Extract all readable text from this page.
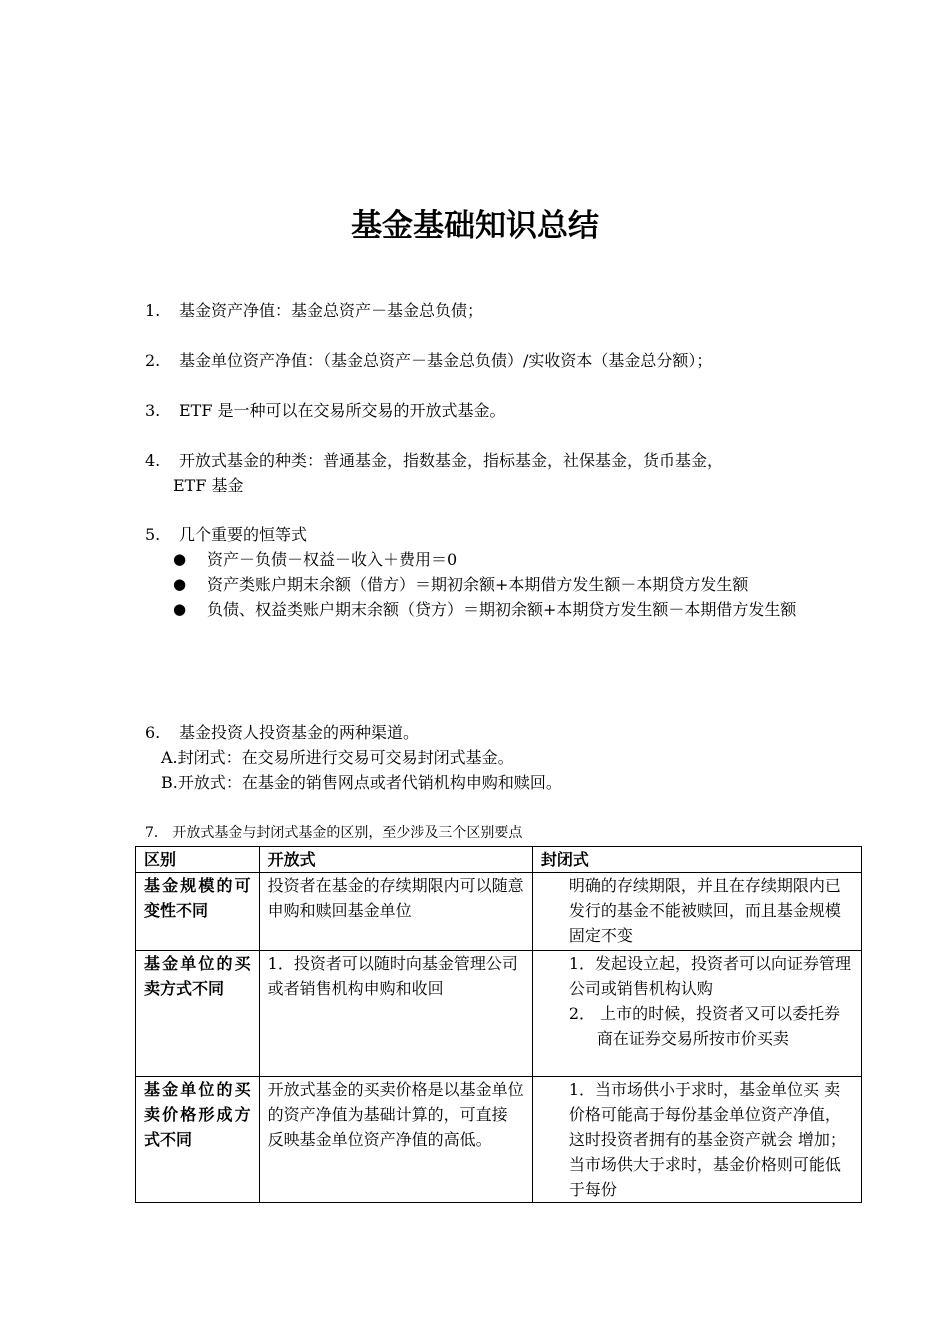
基金基础知识总结
1. 基金资产净值：基金总资产－基金总负债；
2. 基金单位资产净值：（基金总资产－基金总负债）/实收资本（基金总分额）；
3. ETF 是一种可以在交易所交易的开放式基金。
4. 开放式基金的种类：普通基金，指数基金，指标基金，社保基金，货币基金，
ETF 基金
5. 几个重要的恒等式
● 资产－负债－权益－收入＋费用＝0
● 资产类账户期末余额（借方）＝期初余额+本期借方发生额－本期贷方发生额
● 负债、权益类账户期末余额（贷方）＝期初余额+本期贷方发生额－本期借方发生额
6. 基金投资人投资基金的两种渠道。
A.封闭式：在交易所进行交易可交易封闭式基金。
B.开放式：在基金的销售网点或者代销机构申购和赎回。
7． 开放式基金与封闭式基金的区别，至少涉及三个区别要点
区别	开放式	封闭式
基金规模的可变性不同	投资者在基金的存续期限内可以随意申购和赎回基金单位	明确的存续期限，并且在存续期限内已发行的基金不能被赎回，而且基金规模固定不变

基金单位的买卖方式不同	1．投资者可以随时向基金管理公司或者销售机构申购和收回	1．发起设立起，投资者可以向证券管理公司或销售机构认购
2． 上市的时候，投资者又可以委托券商在证券交易所按市价买卖

基金单位的买卖价格形成方式不同	开放式基金的买卖价格是以基金单位的资产净值为基础计算的，可直接 反映基金单位资产净值的高低。	1．当市场供小于求时，基金单位买 卖价格可能高于每份基金单位资产净值，这时投资者拥有的基金资产就会 增加；当市场供大于求时，基金价格则可能低于每份
